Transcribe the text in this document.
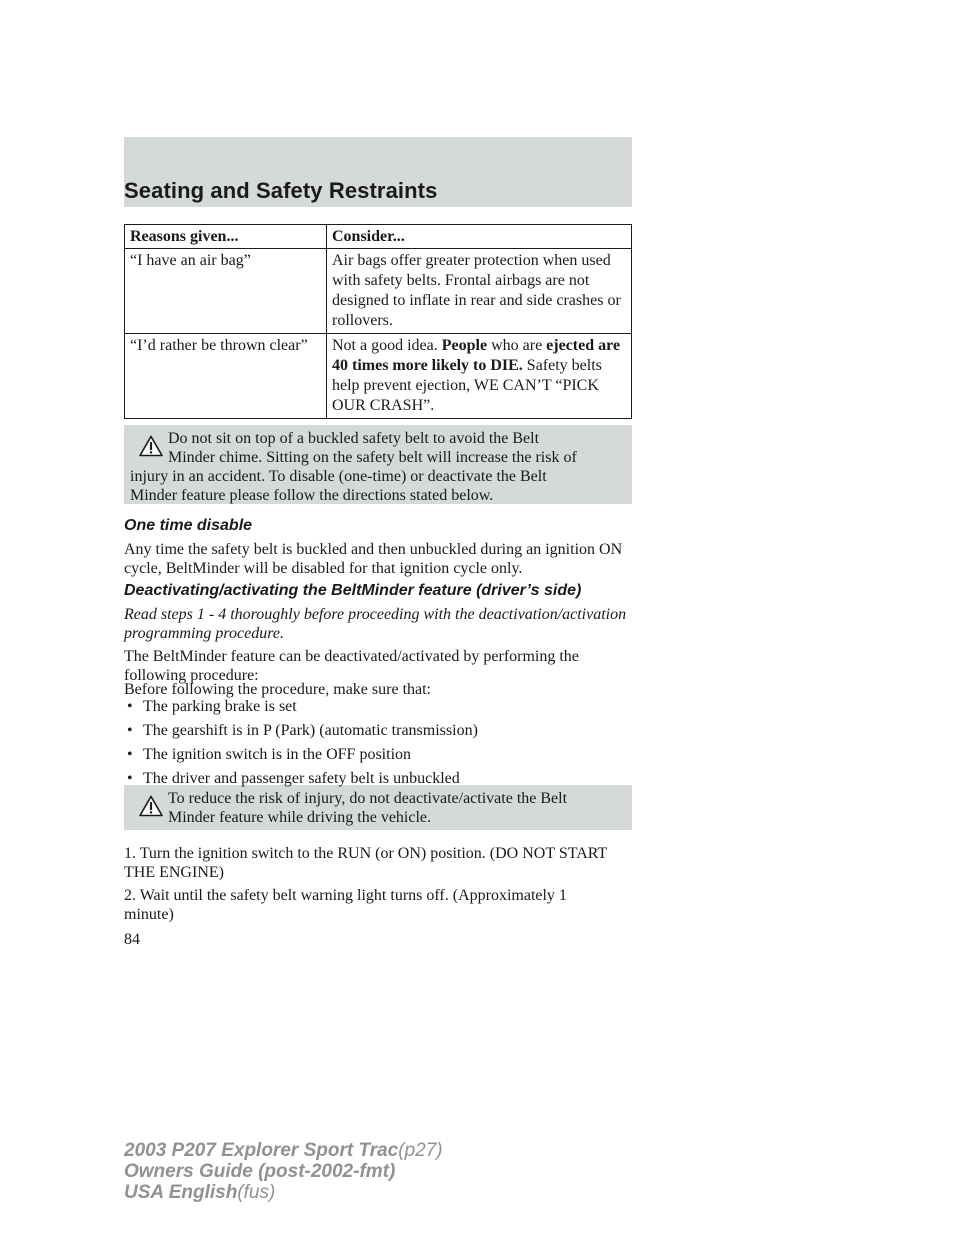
Seating and Safety Restraints
Reasons given...	Consider...
“I have an air bag”	Air bags offer greater protection when used with safety belts. Frontal airbags are not designed to inflate in rear and side crashes or rollovers.
“I’d rather be thrown clear”	Not a good idea. People who are ejected are 40 times more likely to DIE. Safety belts help prevent ejection, WE CAN’T “PICK OUR CRASH”.
Do not sit on top of a buckled safety belt to avoid the Belt
Minder chime. Sitting on the safety belt will increase the risk of
injury in an accident. To disable (one-time) or deactivate the Belt
Minder feature please follow the directions stated below.
One time disable
Any time the safety belt is buckled and then unbuckled during an ignition ON cycle, BeltMinder will be disabled for that ignition cycle only.
Deactivating/activating the BeltMinder feature (driver’s side)
Read steps 1 - 4 thoroughly before proceeding with the deactivation/activation programming procedure.
The BeltMinder feature can be deactivated/activated by performing the following procedure:
Before following the procedure, make sure that:
To reduce the risk of injury, do not deactivate/activate the Belt
Minder feature while driving the vehicle.
1. Turn the ignition switch to the RUN (or ON) position. (DO NOT START THE ENGINE)
2. Wait until the safety belt warning light turns off. (Approximately 1 minute)
84
2003 P207 Explorer Sport Trac(p27)
Owners Guide (post-2002-fmt)
USA English(fus)
• The parking brake is set
• The gearshift is in P (Park) (automatic transmission)
• The ignition switch is in the OFF position
• The driver and passenger safety belt is unbuckled
